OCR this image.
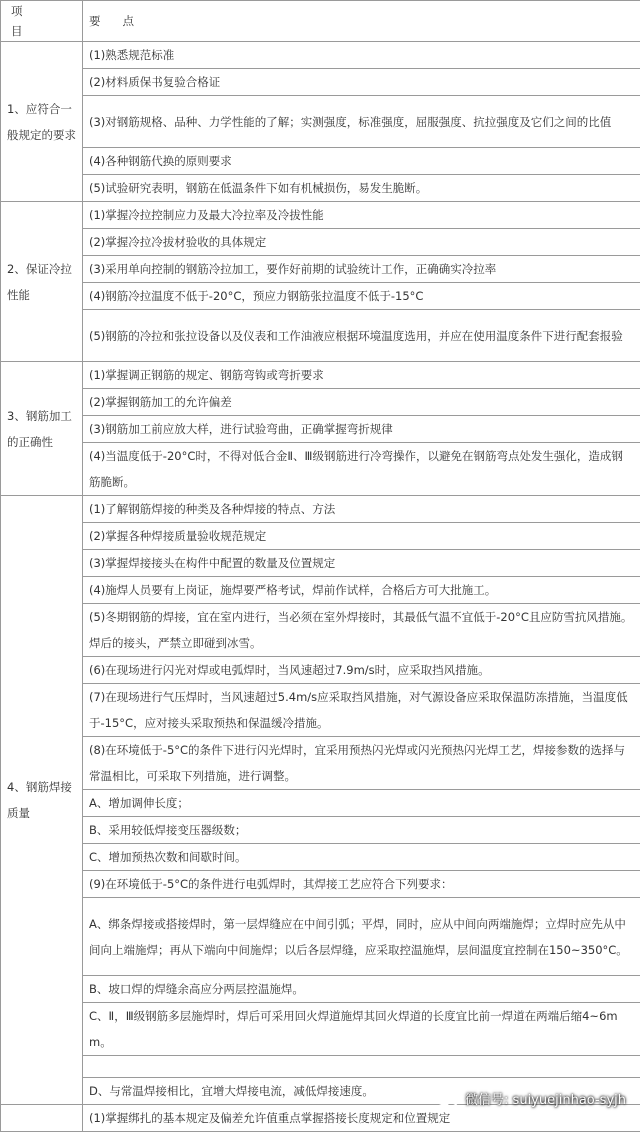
项目	要点
1、应符合一般规定的要求	(1)熟悉规范标准
	(2)材料质保书复验合格证
	(3)对钢筋规格、品种、力学性能的了解；实测强度，标准强度，屈服强度、抗拉强度及它们之间的比值
	(4)各种钢筋代换的原则要求
	(5)试验研究表明，钢筋在低温条件下如有机械损伤，易发生脆断。
2、保证冷拉性能	(1)掌握冷拉控制应力及最大冷拉率及冷拔性能
	(2)掌握冷拉冷拔材验收的具体规定
	(3)采用单向控制的钢筋冷拉加工，要作好前期的试验统计工作，正确确实冷拉率
	(4)钢筋冷拉温度不低于-20°C，预应力钢筋张拉温度不低于-15°C
	(5)钢筋的冷拉和张拉设备以及仪表和工作油液应根据环境温度选用，并应在使用温度条件下进行配套报验
3、钢筋加工的正确性	(1)掌握调正钢筋的规定、钢筋弯钩或弯折要求
	(2)掌握钢筋加工的允许偏差
	(3)钢筋加工前应放大样，进行试验弯曲，正确掌握弯折规律
	(4)当温度低于-20°C时，不得对低合金Ⅱ、Ⅲ级钢筋进行冷弯操作，以避免在钢筋弯点处发生强化，造成钢筋脆断。
4、钢筋焊接质量	(1)了解钢筋焊接的种类及各种焊接的特点、方法
	(2)掌握各种焊接质量验收规范规定
	(3)掌握焊接接头在构件中配置的数量及位置规定
	(4)施焊人员要有上岗证，施焊要严格考试，焊前作试样，合格后方可大批施工。
	(5)冬期钢筋的焊接，宜在室内进行，当必须在室外焊接时，其最低气温不宜低于-20°C且应防雪抗风措施。焊后的接头，严禁立即碰到冰雪。
	(6)在现场进行闪光对焊或电弧焊时，当风速超过7.9m/s时，应采取挡风措施。
	(7)在现场进行气压焊时，当风速超过5.4m/s应采取挡风措施，对气源设备应采取保温防冻措施，当温度低于-15°C，应对接头采取预热和保温缓冷措施。
	(8)在环境低于-5°C的条件下进行闪光焊时，宜采用预热闪光焊或闪光预热闪光焊工艺，焊接参数的选择与常温相比，可采取下列措施，进行调整。
	A、增加调伸长度；
	B、采用较低焊接变压器级数；
	C、增加预热次数和间歇时间。
	(9)在环境低于-5°C的条件进行电弧焊时，其焊接工艺应符合下列要求：
	A、绑条焊接或搭接焊时，第一层焊缝应在中间引弧；平焊，同时，应从中间向两端施焊；立焊时应先从中间向上端施焊；再从下端向中间施焊；以后各层焊缝，应采取控温施焊，层间温度宜控制在150~350°C。
	B、坡口焊的焊缝余高应分两层控温施焊。
	C、Ⅱ，Ⅲ级钢筋多层施焊时，焊后可采用回火焊道施焊其回火焊道的长度宜比前一焊道在两端后缩4~6mm。

	D、与常温焊接相比，宜增大焊接电流，减低焊接速度。
	(1)掌握绑扎的基本规定及偏差允许值重点掌握搭接长度规定和位置规定
微信号: suiyuejinhao-syjh
